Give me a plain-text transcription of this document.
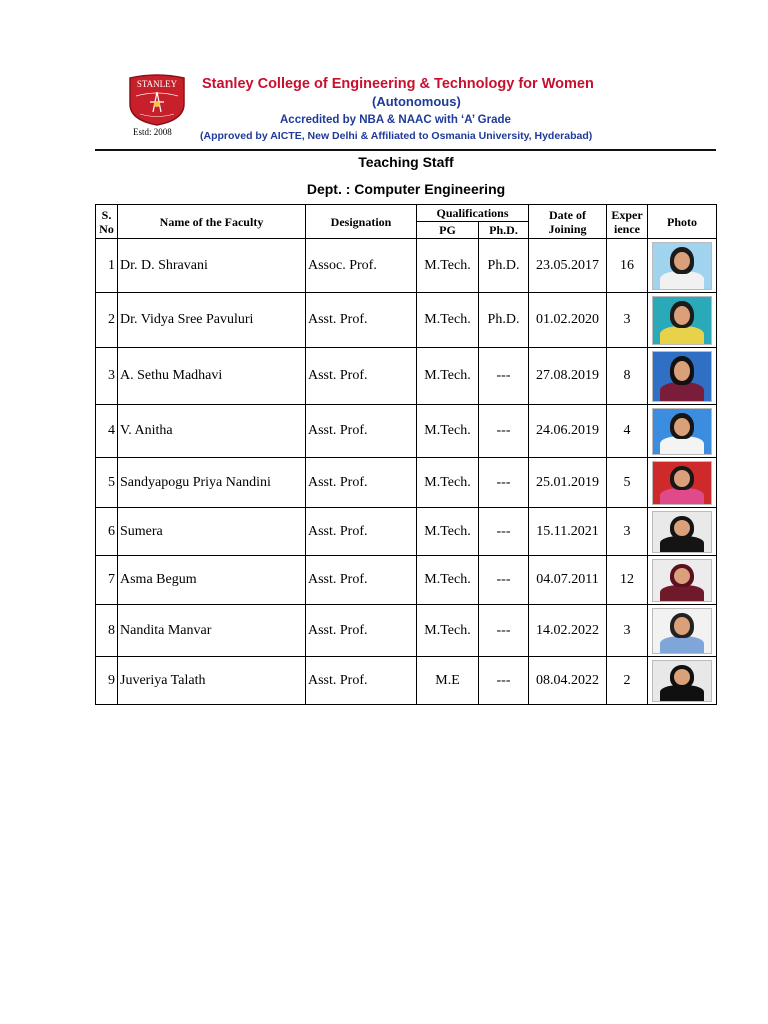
STANLEY
Estd: 2008
Stanley College of Engineering & Technology for Women
(Autonomous)
Accredited by NBA & NAAC with ‘A’ Grade
(Approved by AICTE, New Delhi & Affiliated to Osmania University, Hyderabad)
Teaching Staff
Dept. : Computer Engineering
S. No	Name of the Faculty	Designation	Qualifications		Date of Joining	Exper ience	Photo
			PG	Ph.D.			
1	Dr. D. Shravani	Assoc. Prof.	M.Tech.	Ph.D.	23.05.2017	16	

2	Dr. Vidya Sree Pavuluri	Asst. Prof.	M.Tech.	Ph.D.	01.02.2020	3	

3	A. Sethu Madhavi	Asst. Prof.	M.Tech.	---	27.08.2019	8	

4	V. Anitha	Asst. Prof.	M.Tech.	---	24.06.2019	4	

5	Sandyapogu Priya Nandini	Asst. Prof.	M.Tech.	---	25.01.2019	5	

6	Sumera	Asst. Prof.	M.Tech.	---	15.11.2021	3	

7	Asma Begum	Asst. Prof.	M.Tech.	---	04.07.2011	12	

8	Nandita Manvar	Asst. Prof.	M.Tech.	---	14.02.2022	3	

9	Juveriya Talath	Asst. Prof.	M.E	---	08.04.2022	2	
